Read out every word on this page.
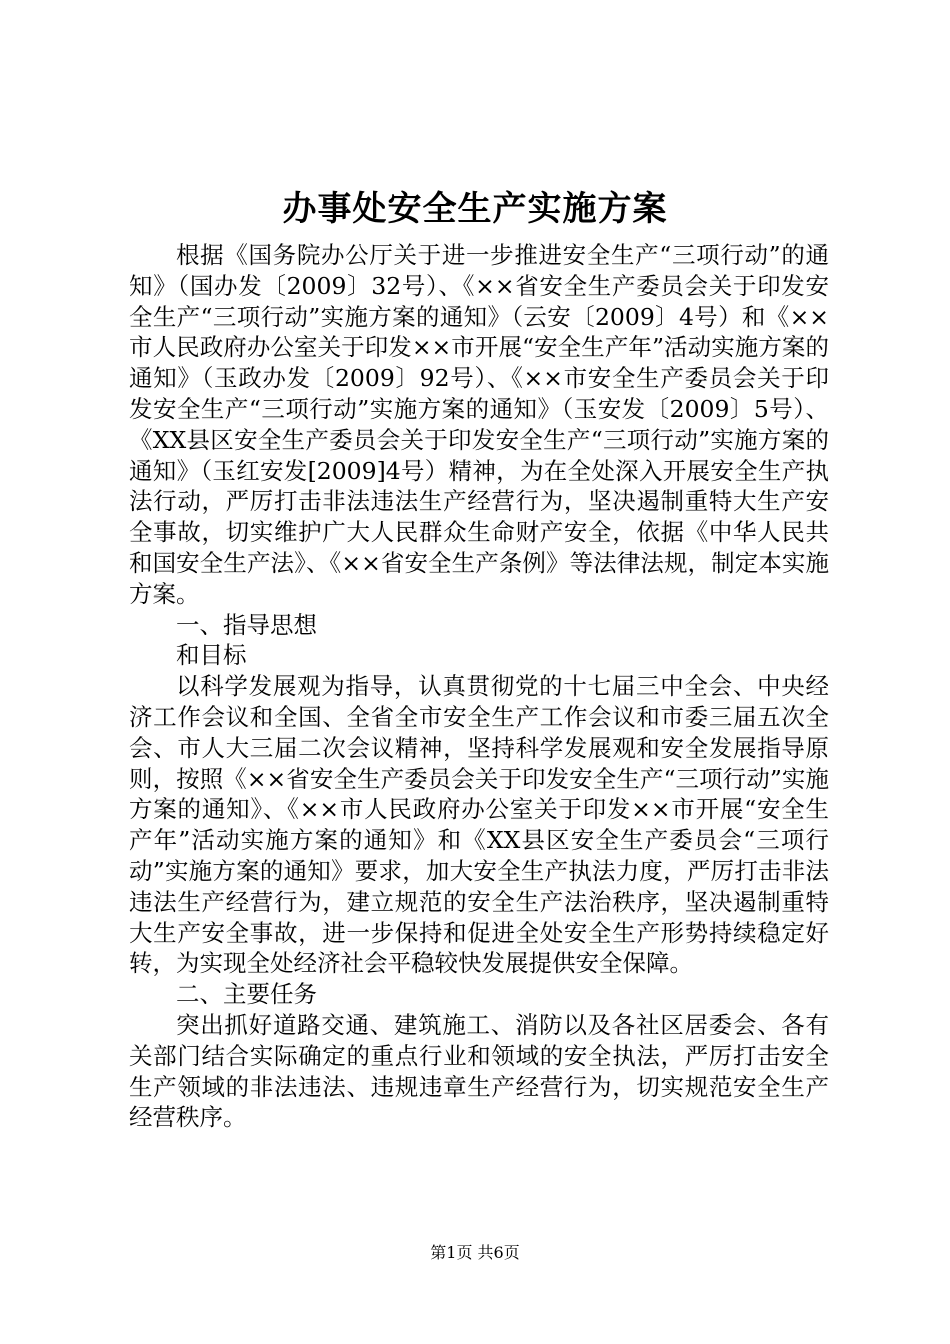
办事处安全生产实施方案

根据《国务院办公厅关于进一步推进安全生产“三项行动”的通知》（国办发〔2009〕32号）、《××省安全生产委员会关于印发安全生产“三项行动”实施方案的通知》（云安〔2009〕4号）和《××市人民政府办公室关于印发××市开展“安全生产年”活动实施方案的通知》（玉政办发〔2009〕92号）、《××市安全生产委员会关于印发安全生产“三项行动”实施方案的通知》（玉安发〔2009〕5号）、《XX县区安全生产委员会关于印发安全生产“三项行动”实施方案的通知》（玉红安发[2009]4号）精神，为在全处深入开展安全生产执法行动，严厉打击非法违法生产经营行为，坚决遏制重特大生产安全事故，切实维护广大人民群众生命财产安全，依据《中华人民共和国安全生产法》、《××省安全生产条例》等法律法规，制定本实施方案。

一、指导思想

和目标

以科学发展观为指导，认真贯彻党的十七届三中全会、中央经济工作会议和全国、全省全市安全生产工作会议和市委三届五次全会、市人大三届二次会议精神，坚持科学发展观和安全发展指导原则，按照《××省安全生产委员会关于印发安全生产“三项行动”实施方案的通知》、《××市人民政府办公室关于印发××市开展“安全生产年”活动实施方案的通知》和《XX县区安全生产委员会“三项行动”实施方案的通知》要求，加大安全生产执法力度，严厉打击非法违法生产经营行为，建立规范的安全生产法治秩序，坚决遏制重特大生产安全事故，进一步保持和促进全处安全生产形势持续稳定好转，为实现全处经济社会平稳较快发展提供安全保障。

二、主要任务

突出抓好道路交通、建筑施工、消防以及各社区居委会、各有关部门结合实际确定的重点行业和领域的安全执法，严厉打击安全生产领域的非法违法、违规违章生产经营行为，切实规范安全生产经营秩序。

第1页 共6页
